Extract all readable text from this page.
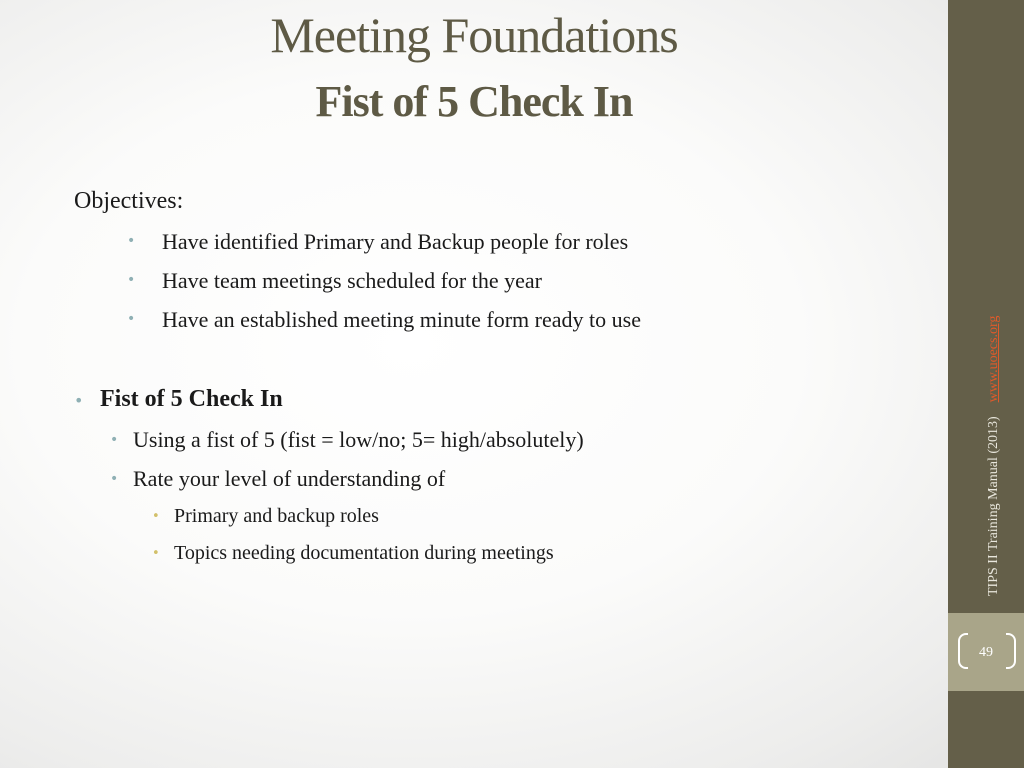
Meeting Foundations
Fist of 5 Check In
Objectives:
• Have identified Primary and Backup people for roles
• Have team meetings scheduled for the year
• Have an established meeting minute form ready to use
• Fist of 5 Check In
• Using a fist of 5 (fist = low/no; 5= high/absolutely)
• Rate your level of understanding of
• Primary and backup roles
• Topics needing documentation during meetings	TIPS II Training Manual (2013)www.uoecs.org
49
